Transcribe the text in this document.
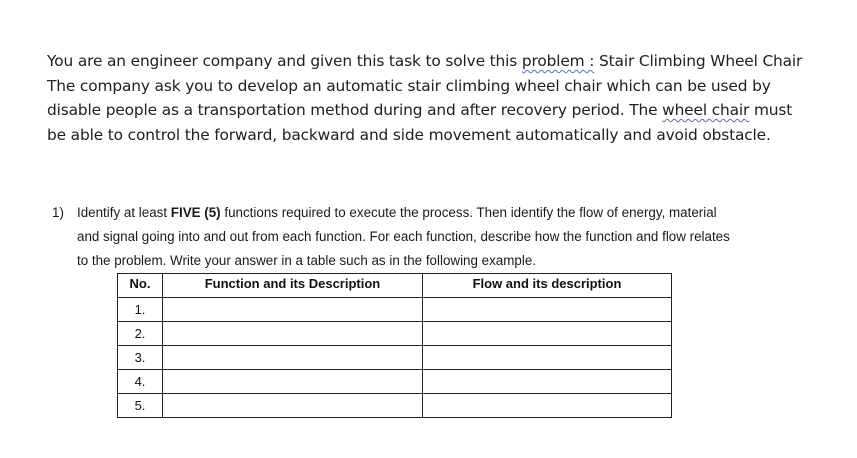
You are an engineer company and given this task to solve this problem : Stair Climbing Wheel Chair

The company ask you to develop an automatic stair climbing wheel chair which can be used by

disable people as a transportation method during and after recovery period. The wheel chair must

be able to control the forward, backward and side movement automatically and avoid obstacle.

1) Identify at least FIVE (5) functions required to execute the process. Then identify the flow of energy, material
and signal going into and out from each function. For each function, describe how the function and flow relates
to the problem. Write your answer in a table such as in the following example.
No.	Function and its Description	Flow and its description
1.		
2.		
3.		
4.		
5.		
